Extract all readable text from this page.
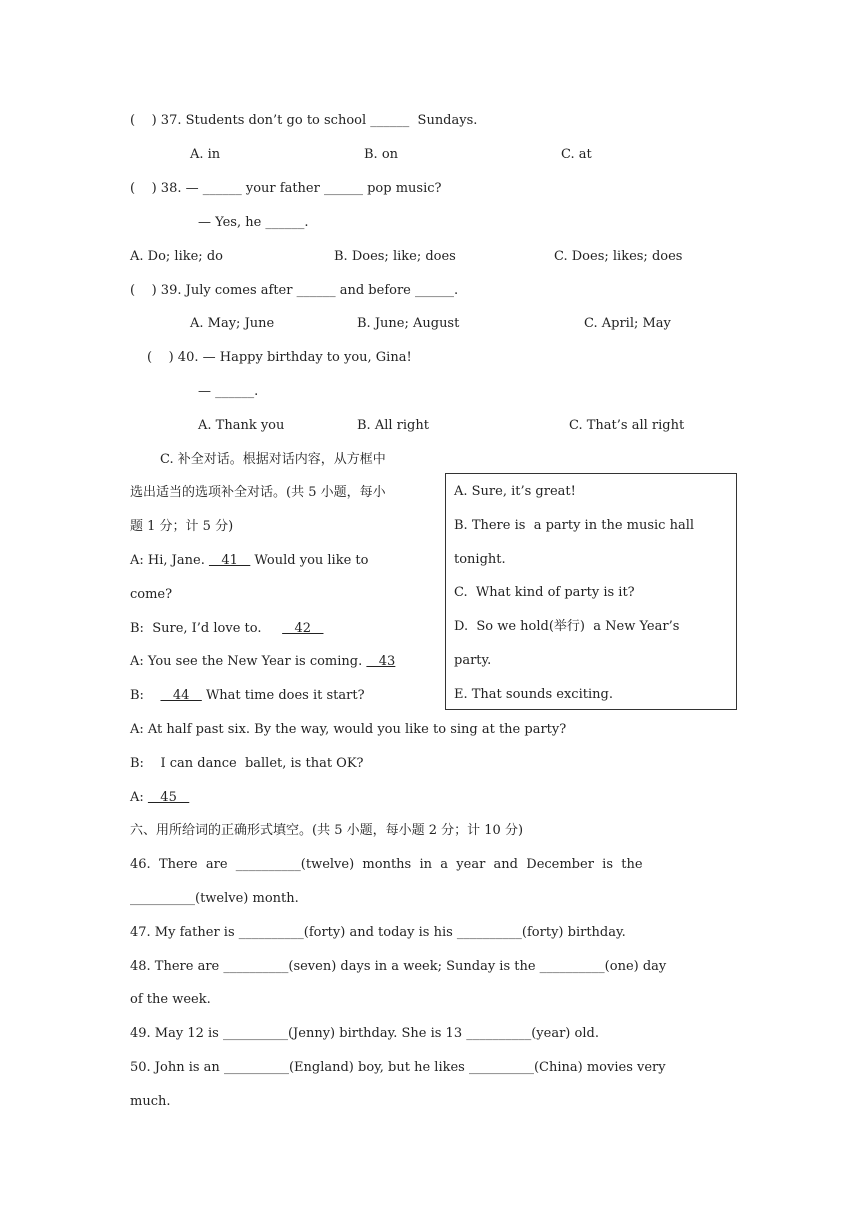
(    ) 37. Students don’t go to school ______  Sundays.
A. in	B. on	C. at
(    ) 38. — ______ your father ______ pop music?
— Yes, he ______.
A. Do; like; do	B. Does; like; does	C. Does; likes; does
(    ) 39. July comes after ______ and before ______.
A. May; June	B. June; August	C. April; May
(    ) 40. — Happy birthday to you, Gina!
— ______.
A. Thank you	B. All right	C. That’s all right
C. 补全对话。根据对话内容，从方框中
选出适当的选项补全对话。(共 5 小题，每小
题 1 分；计 5 分)
A. Sure, it’s great!
B. There is  a party in the music hall
tonight.
C.  What kind of party is it?
D.  So we hold(举行)  a New Year’s
party.
E. That sounds exciting.
A: Hi, Jane.    41    Would you like to
come?
B:  Sure, I’d love to.        42
A: You see the New Year is coming.    43
B:       44    What time does it start?
A: At half past six. By the way, would you like to sing at the party?
B:    I can dance  ballet, is that OK?
A:    45
六、用所给词的正确形式填空。(共 5 小题，每小题 2 分；计 10 分)
46.  There  are  __________(twelve)  months  in  a  year  and  December  is  the
__________(twelve) month.
47. My father is __________(forty) and today is his __________(forty) birthday.
48. There are __________(seven) days in a week; Sunday is the __________(one) day
of the week.
49. May 12 is __________(Jenny) birthday. She is 13 __________(year) old.
50. John is an __________(England) boy, but he likes __________(China) movies very
much.
